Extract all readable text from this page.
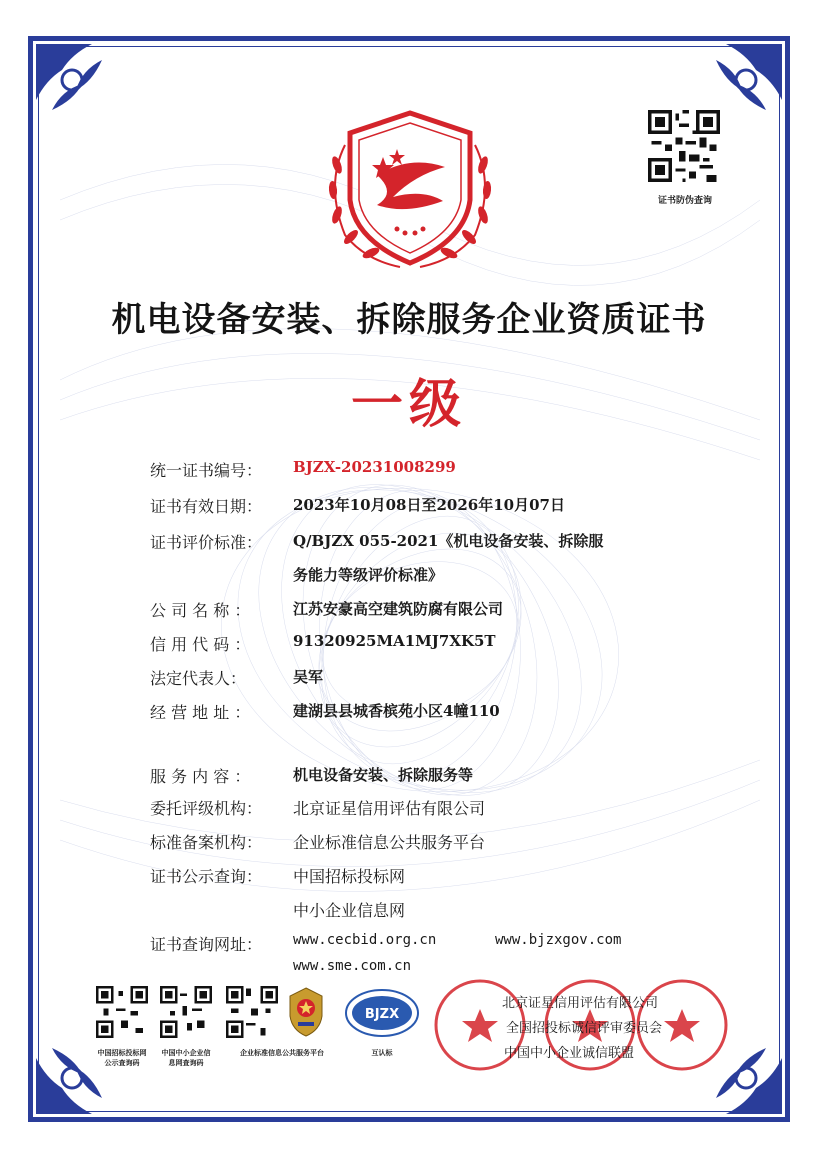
证书防伪查询
机电设备安装、拆除服务企业资质证书
一级
统一证书编号： BJZX-20231008299
证书有效日期： 2023年10月08日至2026年10月07日
证书评价标准： Q/BJZX 055-2021《机电设备安装、拆除服
务能力等级评价标准》
公 司 名 称 ：	江苏安豪高空建筑防腐有限公司
信 用 代 码 ：	91320925MA1MJ7XK5T
法定代表人：	吴军
经 营 地 址 ：	建湖县县城香槟苑小区4幢110
服 务 内 容 ：	机电设备安装、拆除服务等
委托评级机构： 北京证星信用评估有限公司
标准备案机构： 企业标准信息公共服务平台
证书公示查询： 中国招标投标网
中小企业信息网
证书查询网址： www.cecbid.org.cn	www.bjzxgov.com
www.sme.com.cn
中国招标投标网
公示查询码
中国中小企业信
息网查询码
企业标准信息公共服务平台
BJZX
互认标
北京证星信用评估有限公司
全国招投标诚信评审委员会
中国中小企业诚信联盟
